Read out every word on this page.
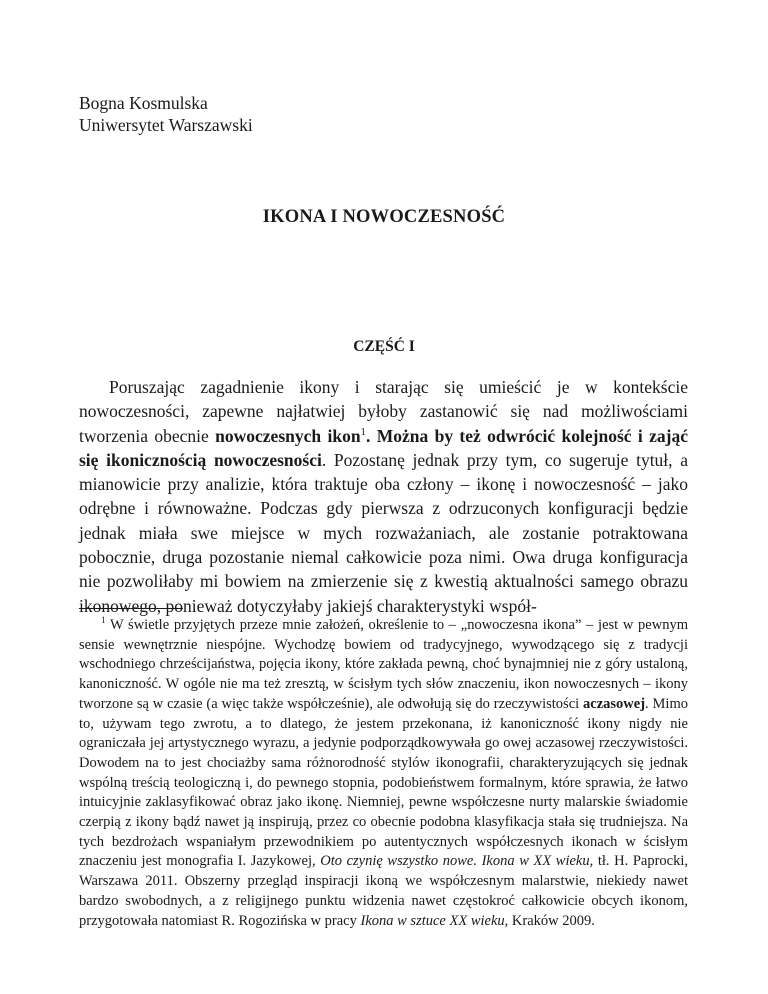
Bogna Kosmulska
Uniwersytet Warszawski
IKONA I NOWOCZESNOŚĆ
CZĘŚĆ I

Poruszając zagadnienie ikony i starając się umieścić je w kontekście nowoczesności, zapewne najłatwiej byłoby zastanowić się nad możliwościami tworzenia obecnie nowoczesnych ikon$^1$. Można by też odwrócić kolejność i zająć się ikonicznością nowoczesności. Pozostanę jednak przy tym, co sugeruje tytuł, a mianowicie przy analizie, która traktuje oba człony – ikonę i nowoczesność – jako odrębne i równoważne. Podczas gdy pierwsza z odrzuconych konfiguracji będzie jednak miała swe miejsce w mych rozważaniach, ale zostanie potraktowana pobocznie, druga pozostanie niemal całkowicie poza nimi. Owa druga konfiguracja nie pozwoliłaby mi bowiem na zmierzenie się z kwestią aktualności samego obrazu ikonowego, ponieważ dotyczyłaby jakiejś charakterystyki współ-

$^1$ W świetle przyjętych przeze mnie założeń, określenie to – „nowoczesna ikona” – jest w pewnym sensie wewnętrznie niespójne. Wychodzę bowiem od tradycyjnego, wywodzącego się z tradycji wschodniego chrześcijaństwa, pojęcia ikony, które zakłada pewną, choć bynajmniej nie z góry ustaloną, kanoniczność. W ogóle nie ma też zresztą, w ścisłym tych słów znaczeniu, ikon nowoczesnych – ikony tworzone są w czasie (a więc także współcześnie), ale odwołują się do rzeczywistości aczasowej. Mimo to, używam tego zwrotu, a to dlatego, że jestem przekonana, iż kanoniczność ikony nigdy nie ograniczała jej artystycznego wyrazu, a jedynie podporządkowywała go owej aczasowej rzeczywistości. Dowodem na to jest chociażby sama różnorodność stylów ikonografii, charakteryzujących się jednak wspólną treścią teologiczną i, do pewnego stopnia, podobieństwem formalnym, które sprawia, że łatwo intuicyjnie zaklasyfikować obraz jako ikonę. Niemniej, pewne współczesne nurty malarskie świadomie czerpią z ikony bądź nawet ją inspirują, przez co obecnie podobna klasyfikacja stała się trudniejsza. Na tych bezdrożach wspaniałym przewodnikiem po autentycznych współczesnych ikonach w ścisłym znaczeniu jest monografia I. Jazykowej, Oto czynię wszystko nowe. Ikona w XX wieku, tł. H. Paprocki, Warszawa 2011. Obszerny przegląd inspiracji ikoną we współczesnym malarstwie, niekiedy nawet bardzo swobodnych, a z religijnego punktu widzenia nawet częstokroć całkowicie obcych ikonom, przygotowała natomiast R. Rogozińska w pracy Ikona w sztuce XX wieku, Kraków 2009.
